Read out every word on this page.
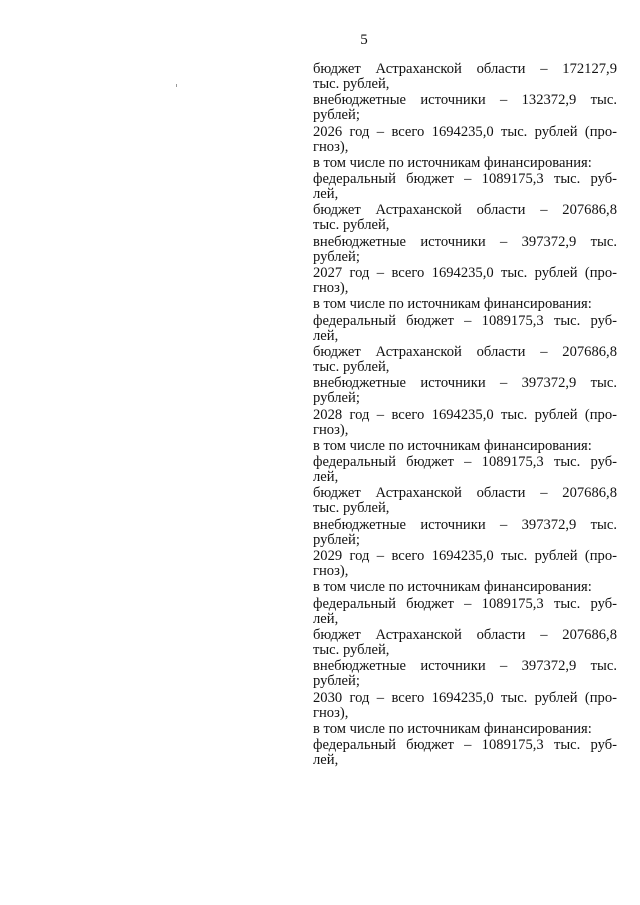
5
бюджет Астраханской области – 172127,9
тыс. рублей,
внебюджетные источники – 132372,9 тыс.
рублей;
2026 год – всего 1694235,0 тыс. рублей (про-
гноз),
в том числе по источникам финансирования:
федеральный бюджет – 1089175,3 тыс. руб-
лей,
бюджет Астраханской области – 207686,8
тыс. рублей,
внебюджетные источники – 397372,9 тыс.
рублей;
2027 год – всего 1694235,0 тыс. рублей (про-
гноз),
в том числе по источникам финансирования:
федеральный бюджет – 1089175,3 тыс. руб-
лей,
бюджет Астраханской области – 207686,8
тыс. рублей,
внебюджетные источники – 397372,9 тыс.
рублей;
2028 год – всего 1694235,0 тыс. рублей (про-
гноз),
в том числе по источникам финансирования:
федеральный бюджет – 1089175,3 тыс. руб-
лей,
бюджет Астраханской области – 207686,8
тыс. рублей,
внебюджетные источники – 397372,9 тыс.
рублей;
2029 год – всего 1694235,0 тыс. рублей (про-
гноз),
в том числе по источникам финансирования:
федеральный бюджет – 1089175,3 тыс. руб-
лей,
бюджет Астраханской области – 207686,8
тыс. рублей,
внебюджетные источники – 397372,9 тыс.
рублей;
2030 год – всего 1694235,0 тыс. рублей (про-
гноз),
в том числе по источникам финансирования:
федеральный бюджет – 1089175,3 тыс. руб-
лей,
